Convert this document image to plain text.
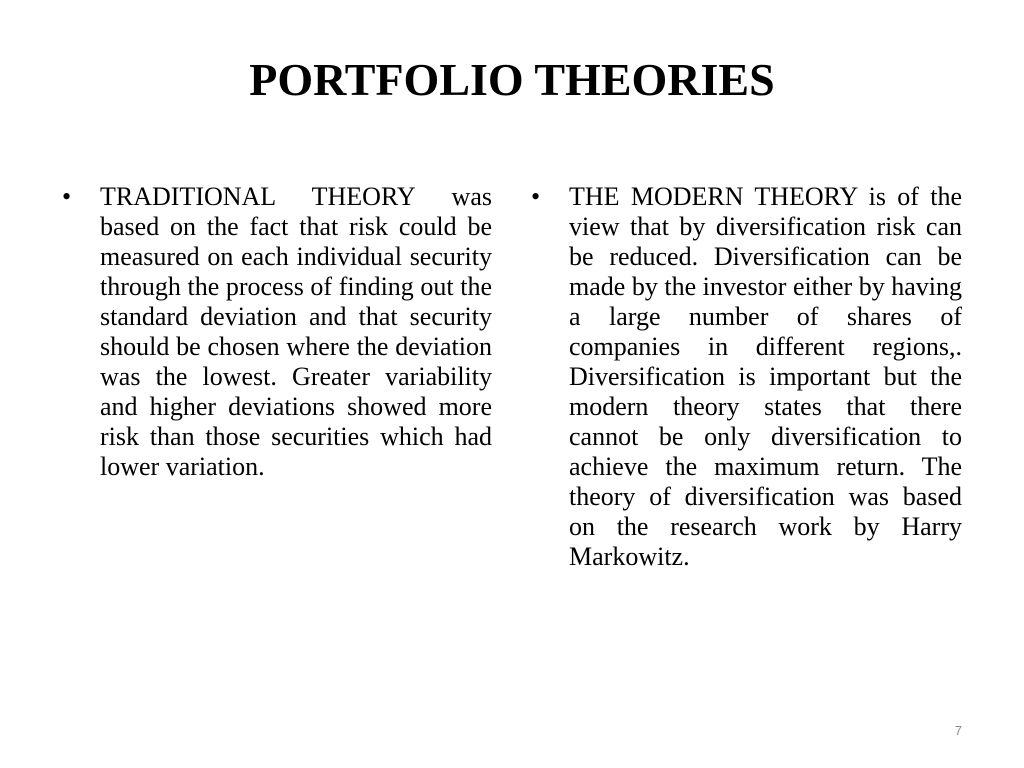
PORTFOLIO THEORIES
•	TRADITIONAL THEORY was based on the fact that risk could be measured on each individual security through the process of finding out the standard deviation and that security should be chosen where the deviation was the lowest. Greater variability and higher deviations showed more risk than those securities which had lower variation.
•	THE MODERN THEORY is of the view that by diversification risk can be reduced. Diversification can be made by the investor either by having a large number of shares of companies in different regions,. Diversification is important but the modern theory states that there cannot be only diversification to achieve the maximum return. The theory of diversification was based on the research work by Harry Markowitz.
7
